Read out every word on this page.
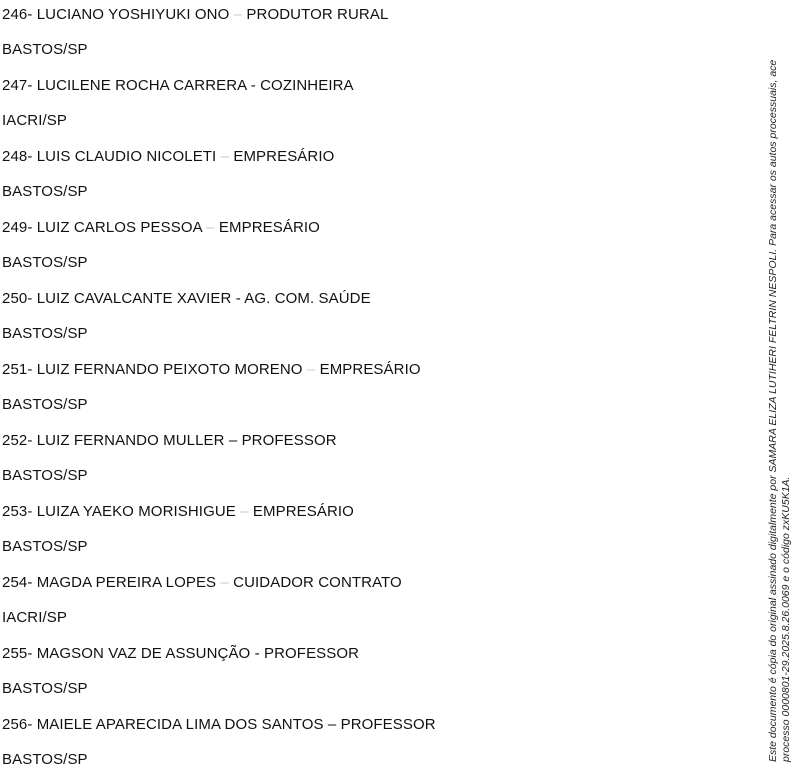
246- LUCIANO YOSHIYUKI ONO – PRODUTOR RURAL
BASTOS/SP
247- LUCILENE ROCHA CARRERA - COZINHEIRA
IACRI/SP
248- LUIS CLAUDIO NICOLETI – EMPRESÁRIO
BASTOS/SP
249- LUIZ CARLOS PESSOA – EMPRESÁRIO
BASTOS/SP
250- LUIZ CAVALCANTE XAVIER - AG. COM. SAÚDE
BASTOS/SP
251- LUIZ FERNANDO PEIXOTO MORENO – EMPRESÁRIO
BASTOS/SP
252- LUIZ FERNANDO MULLER – PROFESSOR
BASTOS/SP
253- LUIZA YAEKO MORISHIGUE – EMPRESÁRIO
BASTOS/SP
254- MAGDA PEREIRA LOPES – CUIDADOR CONTRATO
IACRI/SP
255- MAGSON VAZ DE ASSUNÇÃO - PROFESSOR
BASTOS/SP
256- MAIELE APARECIDA LIMA DOS SANTOS – PROFESSOR
BASTOS/SP	Este documento é cópia do original assinado digitalmente por SAMARA ELIZA LUTIHERI FELTRIN NESPOLI. Para acessar os autos processuais, ace processo 0000801-29.2025.8.26.0069 e o código zxKU5K1A.
